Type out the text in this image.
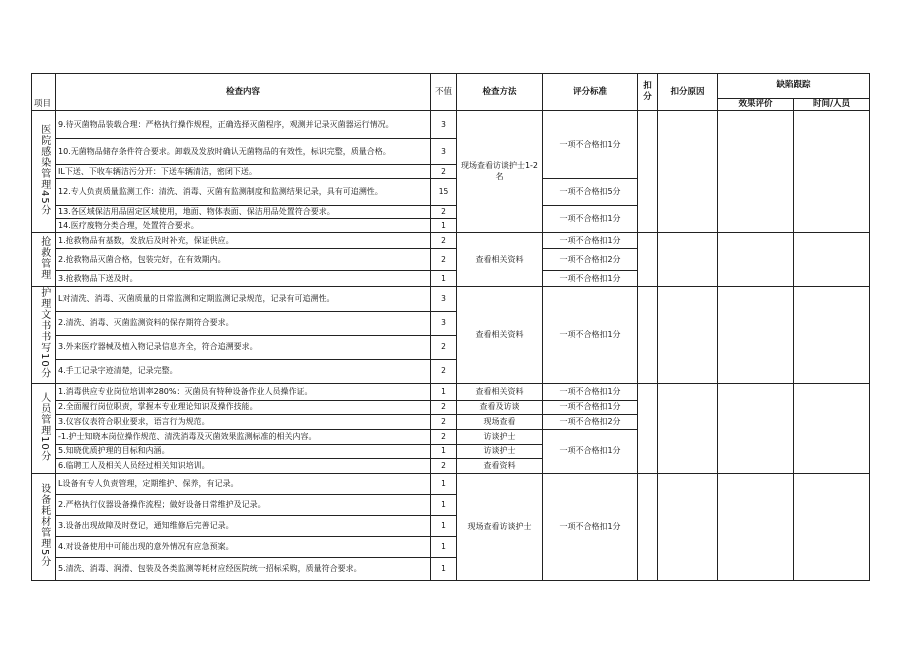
项目	检查内容	不值	检查方法	评分标准	扣分	扣分原因	缺陷跟踪	
							效果评价	时间/人员
医院感染管理45分	9.待灭菌物品装载合理：严格执行操作规程，正确选择灭菌程序，观测并记录灭菌器运行情况。	3	现场查看访谈护士1-2名	一项不合格扣1分				
	10.无菌物品储存条件符合要求。卸载及发放时确认无菌物品的有效性，标识完整，质量合格。	3						
	IL下送、下收车辆洁污分开：下送车辆清洁，密闭下送。	2						
	12.专人负责质量监测工作：清洗、消毒、灭菌有监测制度和监测结果记录，具有可追溯性。	15		一项不合格扣5分				
	13.各区域保洁用品固定区域使用，地面、物体表面、保洁用品处置符合要求。	2		一项不合格扣1分				
	14.医疗废物分类合理，处置符合要求。	1						
抢救管理	1.抢救物品有基数，发放后及时补充，保证供应。	2	查看相关资料	一项不合格扣1分				
	2.抢救物品灭菌合格，包装完好，在有效期内。	2		一项不合格扣2分				
	3.抢救物品下送及时。	1		一项不合格扣1分				
护理文书书写10分	L对清洗、消毒、灭菌质量的日常监测和定期监测记录规范，记录有可追溯性。	3	查看相关资料	一项不合格扣1分				
	2.清洗、消毒、灭菌监测资料的保存期符合要求。	3						
	3.外来医疗器械及植入物记录信息齐全，符合追溯要求。	2						
	4.手工记录字迹清楚，记录完整。	2						
人员管理10分	1.消毒供应专业岗位培训率280%：灭菌员有特种设备作业人员操作证。	1	查看相关资料	一项不合格扣1分				
	2.全面履行岗位职责，掌握本专业理论知识及操作技能。	2	查看及访谈	一项不合格扣1分				
	3.仪容仪表符合职业要求，语言行为规范。	2	现场查看	一项不合格扣2分				
	-1.护士知晓本岗位操作规范、清洗消毒及灭菌效果监测标准的相关内容。	2	访谈护士	一项不合格扣1分				
	5.知晓优质护理的目标和内涵。	1	访谈护士					
	6.临聘工人及相关人员经过相关知识培训。	2	查看资料					
设备耗材管理5分	L设备有专人负责管理，定期维护、保养，有记录。	1	现场查看访谈护士	一项不合格扣1分				
	2.严格执行仪器设备操作流程；做好设备日常维护及记录。	1						
	3.设备出现故障及时登记，通知维修后完善记录。	1						
	4.对设备使用中可能出现的意外情况有应急预案。	1						
	5.清洗、消毒、润滑、包装及各类监测等耗材应经医院统一招标采购，质量符合要求。	1						
